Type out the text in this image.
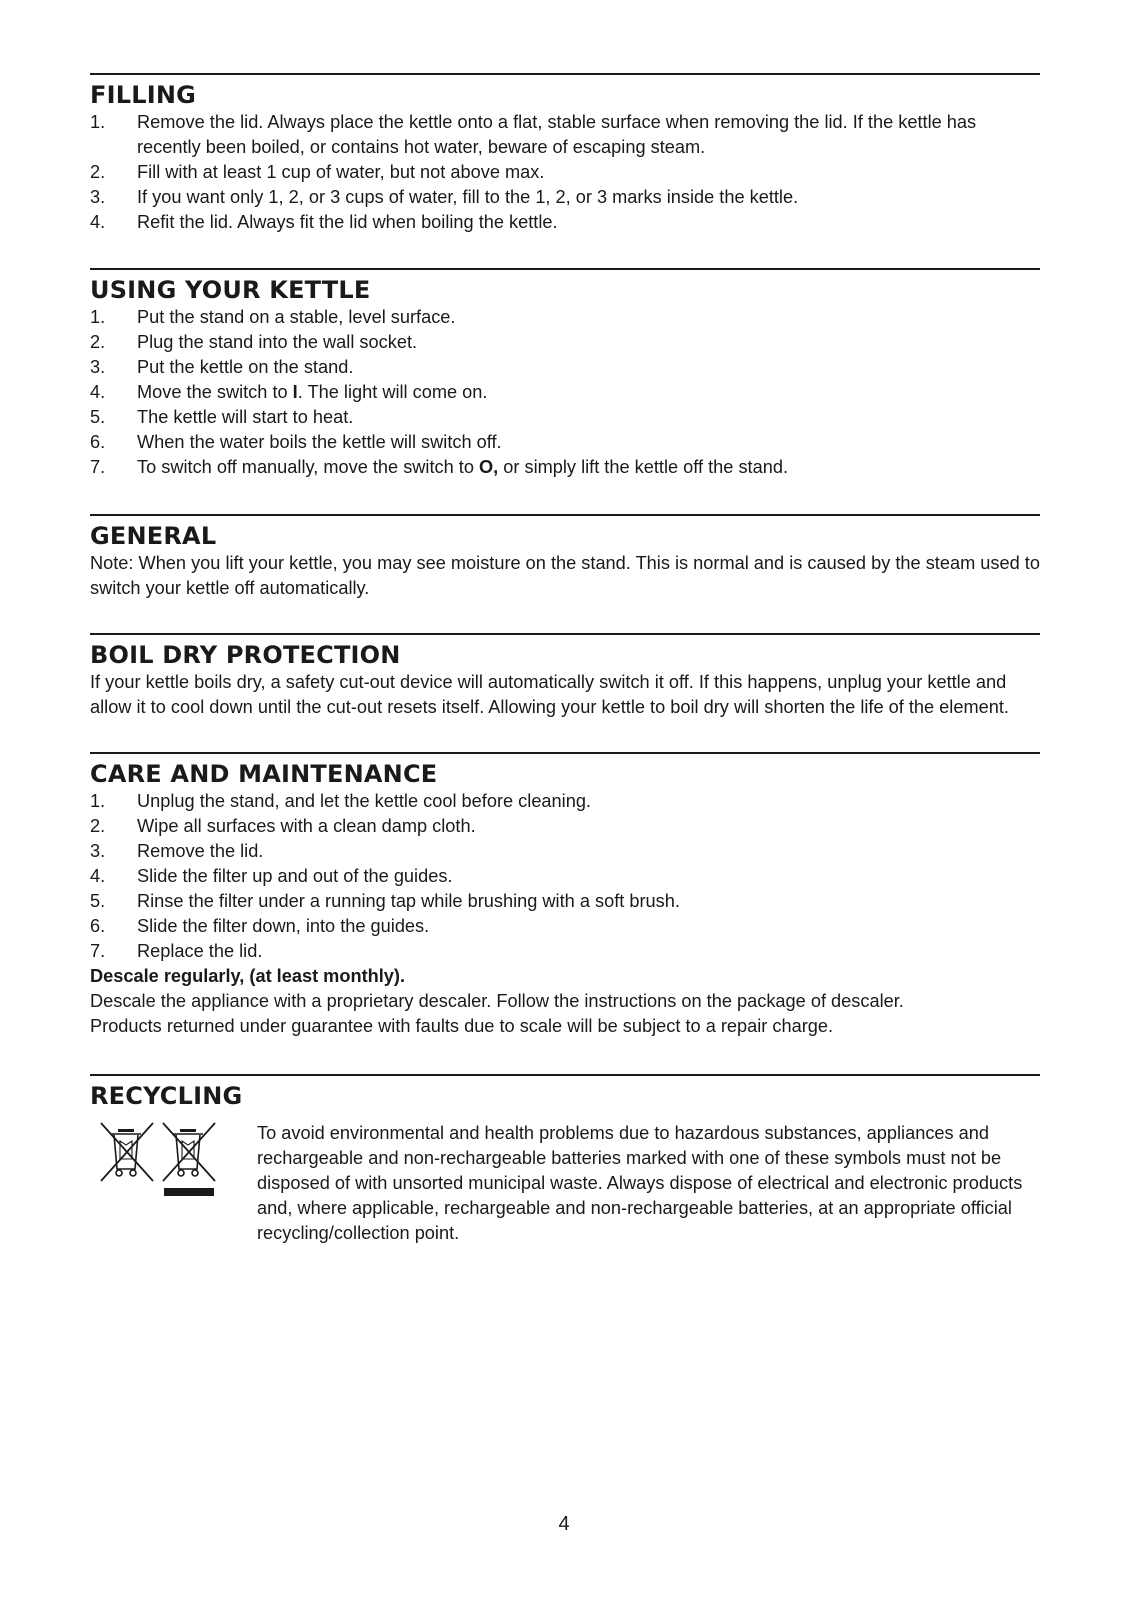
FILLING
1. Remove the lid. Always place the kettle onto a flat, stable surface when removing the lid. If the kettle has recently been boiled, or contains hot water, beware of escaping steam.
2. Fill with at least 1 cup of water, but not above max.
3. If you want only 1, 2, or 3 cups of water, fill to the 1, 2, or 3 marks inside the kettle.
4. Refit the lid. Always fit the lid when boiling the kettle.
USING YOUR KETTLE
1. Put the stand on a stable, level surface.
2. Plug the stand into the wall socket.
3. Put the kettle on the stand.
4. Move the switch to I. The light will come on.
5. The kettle will start to heat.
6. When the water boils the kettle will switch off.
7. To switch off manually, move the switch to O, or simply lift the kettle off the stand.
GENERAL

Note: When you lift your kettle, you may see moisture on the stand. This is normal and is caused by the steam used to switch your kettle off automatically.

BOIL DRY PROTECTION

If your kettle boils dry, a safety cut-out device will automatically switch it off. If this happens, unplug your kettle and allow it to cool down until the cut-out resets itself. Allowing your kettle to boil dry will shorten the life of the element.

CARE AND MAINTENANCE
1. Unplug the stand, and let the kettle cool before cleaning.
2. Wipe all surfaces with a clean damp cloth.
3. Remove the lid.
4. Slide the filter up and out of the guides.
5. Rinse the filter under a running tap while brushing with a soft brush.
6. Slide the filter down, into the guides.
7. Replace the lid.

Descale regularly, (at least monthly).

Descale the appliance with a proprietary descaler. Follow the instructions on the package of descaler.

Products returned under guarantee with faults due to scale will be subject to a repair charge.

RECYCLING

To avoid environmental and health problems due to hazardous substances, appliances and rechargeable and non-rechargeable batteries marked with one of these symbols must not be disposed of with unsorted municipal waste. Always dispose of electrical and electronic products and, where applicable, rechargeable and non-rechargeable batteries, at an appropriate official recycling/collection point.

4
